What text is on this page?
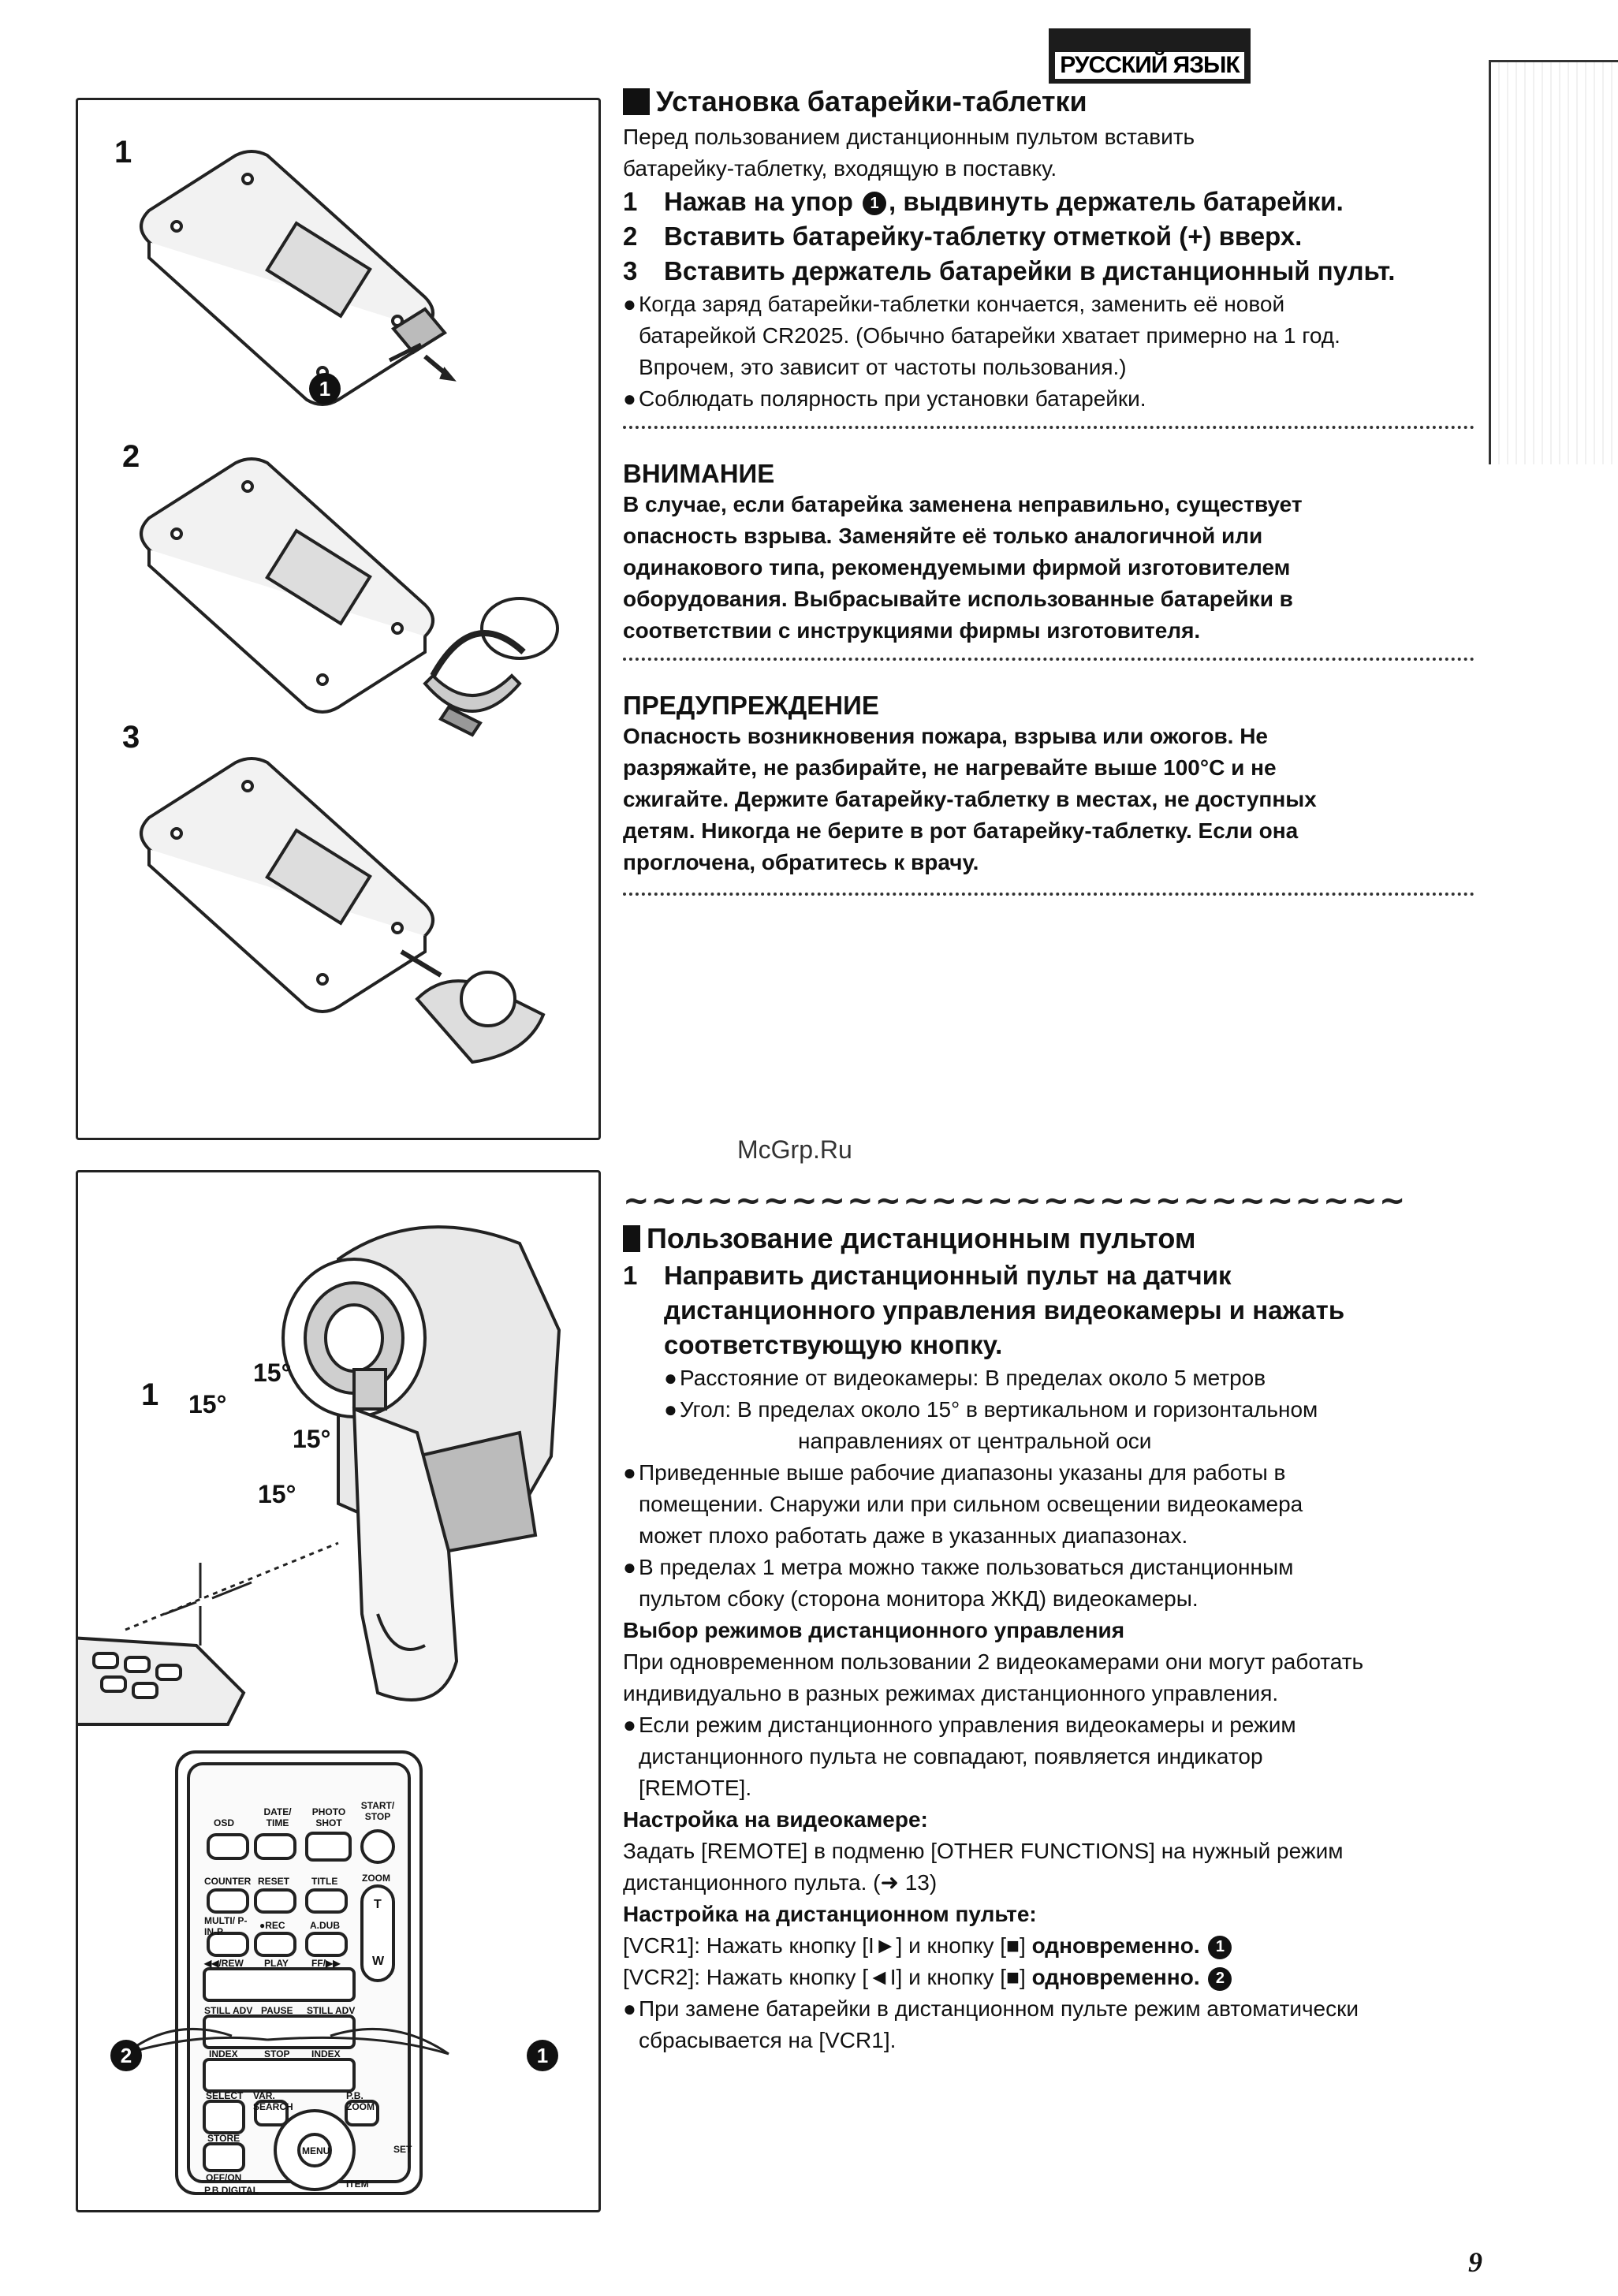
РУССКИЙ ЯЗЫК
1
2
3
1
Установка батарейки-таблетки

Перед пользованием дистанционным пультом вставить

батарейку-таблетку, входящую в поставку.

1	Нажав на упор 1 , выдвинуть держатель батарейки.

2	Вставить батарейку-таблетку отметкой (+) вверх.

3	Вставить держатель батарейки в дистанционный пульт.

● Когда заряд батарейки-таблетки кончается, заменить её новой
батарейкой CR2025. (Обычно батарейки хватает примерно на 1 год.
Впрочем, это зависит от частоты пользования.)
● Соблюдать полярность при установки батарейки.

ВНИМАНИЕ

В случае, если батарейка заменена неправильно, существует

опасность взрыва. Заменяйте её только аналогичной или

одинакового типа, рекомендуемыми фирмой изготовителем

оборудования. Выбрасывайте использованные батарейки в

соответствии с инструкциями фирмы изготовителя.

ПРЕДУПРЕЖДЕНИЕ

Опасность возникновения пожара, взрыва или ожогов. Не

разряжайте, не разбирайте, не нагревайте выше 100°C и не

сжигайте. Держите батарейку-таблетку в местах, не доступных

детям. Никогда не берите в рот батарейку-таблетку. Если она

проглочена, обратитесь к врачу.

McGrp.Ru
1
15°
15°
15°
15°
2	1
OSD
DATE/ TIME
PHOTO SHOT
START/ STOP
COUNTER RESET TITLE	ZOOM
MULTI/ P-IN-P
●REC	A.DUB
T
W
◀◀/REW PLAY FF/▶▶
STILL ADV PAUSE STILL ADV
INDEX	STOP INDEX
SELECT VAR. SEARCH
P.B. ZOOM
STORE
MENU
OFF/ON
P.B.DIGITAL
SET
ITEM
~~~~~~~~~~~~~~~~~~~~~~~~~~~~
Пользование дистанционным пультом
1	Направить дистанционный пульт на датчик
дистанционного управления видеокамеры и нажать
соответствующую кнопку.
● Расстояние от видеокамеры: В пределах около 5 метров
● Угол: В пределах около 15° в вертикальном и горизонтальном
направлениях от центральной оси
● Приведенные выше рабочие диапазоны указаны для работы в
помещении. Снаружи или при сильном освещении видеокамера
может плохо работать даже в указанных диапазонах.
● В пределах 1 метра можно также пользоваться дистанционным
пультом сбоку (сторона монитора ЖКД) видеокамеры.

Выбор режимов дистанционного управления

При одновременном пользовании 2 видеокамерами они могут работать

индивидуально в разных режимах дистанционного управления.

● Если режим дистанционного управления видеокамеры и режим
дистанционного пульта не совпадают, появляется индикатор
[REMOTE].

Настройка на видеокамере:

Задать [REMOTE] в подменю [OTHER FUNCTIONS] на нужный режим

дистанционного пульта. (➜ 13)

Настройка на дистанционном пульте:

[VCR1]: Нажать кнопку [I►] и кнопку [■] одновременно. 1

[VCR2]: Нажать кнопку [◄I] и кнопку [■] одновременно. 2

● При замене батарейки в дистанционном пульте режим автоматически
сбрасывается на [VCR1].
9
